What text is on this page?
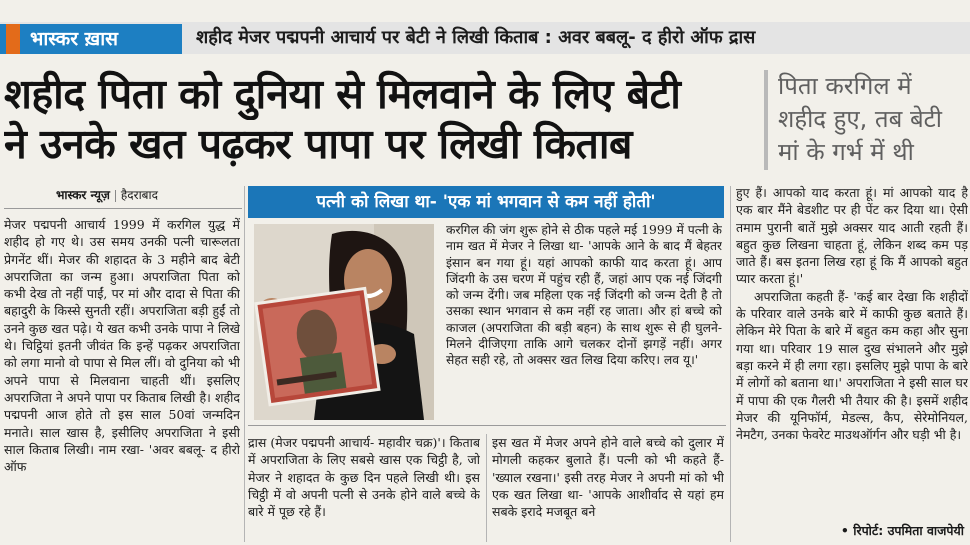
भास्कर ख़ास	शहीद मेजर पद्मपनी आचार्य पर बेटी ने लिखी किताब : अवर बबलू- द हीरो ऑफ द्रास
शहीद पिता को दुनिया से मिलवाने के लिए बेटी
ने उनके खत पढ़कर पापा पर लिखी किताब
पिता करगिल में
शहीद हुए, तब बेटी
मां के गर्भ में थी
भास्कर न्यूज़ हैदराबाद

मेजर पद्मपनी आचार्य 1999 में करगिल युद्ध में शहीद हो गए थे। उस समय उनकी पत्नी चारूलता प्रेगनेंट थीं। मेजर की शहादत के 3 महीने बाद बेटी अपराजिता का जन्म हुआ। अपराजिता पिता को कभी देख तो नहीं पाईं, पर मां और दादा से पिता की बहादुरी के किस्से सुनती रहीं। अपराजिता बड़ी हुईं तो उनने कुछ खत पढ़े। ये खत कभी उनके पापा ने लिखे थे। चिट्ठियां इतनी जीवंत कि इन्हें पढ़कर अपराजिता को लगा मानो वो पापा से मिल लीं। वो दुनिया को भी अपने पापा से मिलवाना चाहती थीं। इसलिए अपराजिता ने अपने पापा पर किताब लिखी है। शहीद पद्मपनी आज होते तो इस साल 50वां जन्मदिन मनाते। साल खास है, इसीलिए अपराजिता ने इसी साल किताब लिखी। नाम रखा- 'अवर बबलू- द हीरो ऑफ

पत्नी को लिखा था- 'एक मां भगवान से कम नहीं होती'

करगिल की जंग शुरू होने से ठीक पहले मई 1999 में पत्नी के नाम खत में मेजर ने लिखा था- 'आपके आने के बाद मैं बेहतर इंसान बन गया हूं। यहां आपको काफी याद करता हूं। आप जिंदगी के उस चरण में पहुंच रही हैं, जहां आप एक नई जिंदगी को जन्म देंगी। जब महिला एक नई जिंदगी को जन्म देती है तो उसका स्थान भगवान से कम नहीं रह जाता। और हां बच्चे को काजल (अपराजिता की बड़ी बहन) के साथ शुरू से ही घुलने-मिलने दीजिएगा ताकि आगे चलकर दोनों झगड़ें नहीं। अगर सेहत सही रहे, तो अक्सर खत लिख दिया करिए। लव यू।'

द्रास (मेजर पद्मपनी आचार्य- महावीर चक्र)'। किताब में अपराजिता के लिए सबसे खास एक चिट्ठी है, जो मेजर ने शहादत के कुछ दिन पहले लिखी थी। इस चिट्ठी में वो अपनी पत्नी से उनके होने वाले बच्चे के बारे में पूछ रहे हैं।

इस खत में मेजर अपने होने वाले बच्चे को दुलार में मोगली कहकर बुलाते हैं। पत्नी को भी कहते हैं- 'ख्याल रखना।' इसी तरह मेजर ने अपनी मां को भी एक खत लिखा था- 'आपके आशीर्वाद से यहां हम सबके इरादे मजबूत बने

हुए हैं। आपको याद करता हूं। मां आपको याद है एक बार मैंने बेडशीट पर ही पेंट कर दिया था। ऐसी तमाम पुरानी बातें मुझे अक्सर याद आती रहती हैं। बहुत कुछ लिखना चाहता हूं, लेकिन शब्द कम पड़ जाते हैं। बस इतना लिख रहा हूं कि मैं आपको बहुत प्यार करता हूं।'

अपराजिता कहती हैं- 'कई बार देखा कि शहीदों के परिवार वाले उनके बारे में काफी कुछ बताते हैं। लेकिन मेरे पिता के बारे में बहुत कम कहा और सुना गया था। परिवार 19 साल दुख संभालने और मुझे बड़ा करने में ही लगा रहा। इसलिए मुझे पापा के बारे में लोगों को बताना था।' अपराजिता ने इसी साल घर में पापा की एक गैलरी भी तैयार की है। इसमें शहीद मेजर की यूनिफॉर्म, मेडल्स, कैप, सेरेमोनियल, नेमटैग, उनका फेवरेट माउथऑर्गन और घड़ी भी है।

• रिपोर्ट: उपमिता वाजपेयी
